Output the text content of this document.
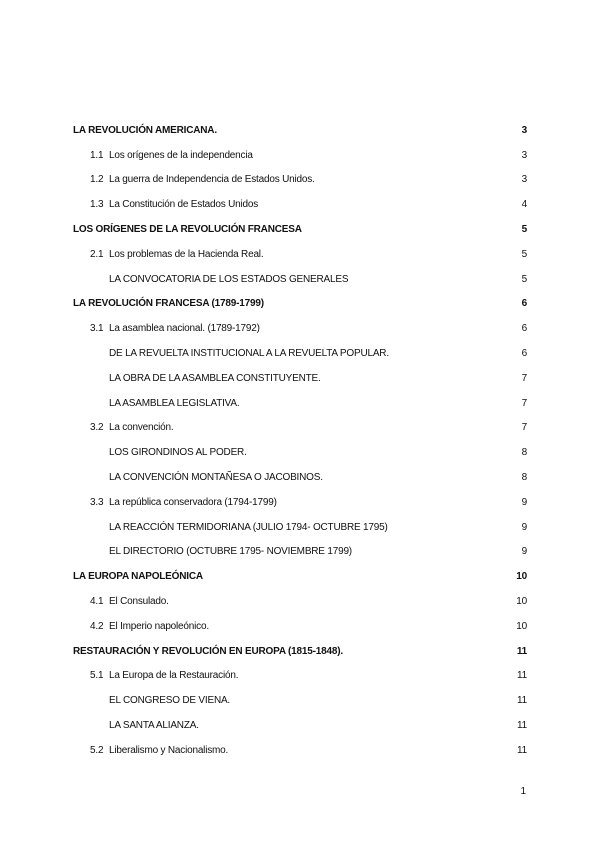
LA REVOLUCIÓN AMERICANA.	3
1.1 Los orígenes de la independencia	3
1.2 La guerra de Independencia de Estados Unidos.	3
1.3 La Constitución de Estados Unidos	4
LOS ORÍGENES DE LA REVOLUCIÓN FRANCESA	5
2.1 Los problemas de la Hacienda Real.	5
LA CONVOCATORIA DE LOS ESTADOS GENERALES	5
LA REVOLUCIÓN FRANCESA (1789-1799)	6
3.1 La asamblea nacional. (1789-1792)	6
DE LA REVUELTA INSTITUCIONAL A LA REVUELTA POPULAR.	6
LA OBRA DE LA ASAMBLEA CONSTITUYENTE.	7
LA ASAMBLEA LEGISLATIVA.	7
3.2 La convención.	7
LOS GIRONDINOS AL PODER.	8
LA CONVENCIÓN MONTAÑESA O JACOBINOS.	8
3.3 La república conservadora (1794-1799)	9
LA REACCIÓN TERMIDORIANA (JULIO 1794- OCTUBRE 1795)	9
EL DIRECTORIO (OCTUBRE 1795- NOVIEMBRE 1799)	9
LA EUROPA NAPOLEÓNICA	10
4.1 El Consulado.	10
4.2 El Imperio napoleónico.	10
RESTAURACIÓN Y REVOLUCIÓN EN EUROPA (1815-1848).	11
5.1 La Europa de la Restauración.	11
EL CONGRESO DE VIENA.	11
LA SANTA ALIANZA.	11
5.2 Liberalismo y Nacionalismo.	11
1
